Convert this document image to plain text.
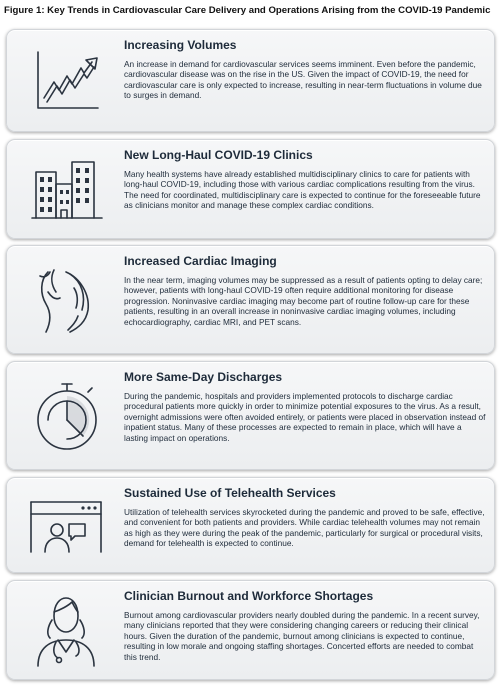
Figure 1: Key Trends in Cardiovascular Care Delivery and Operations Arising from the COVID-19 Pandemic
Increasing Volumes
An increase in demand for cardiovascular services seems imminent. Even before the pandemic, cardiovascular disease was on the rise in the US. Given the impact of COVID-19, the need for cardiovascular care is only expected to increase, resulting in near-term fluctuations in volume due to surges in demand.
New Long-Haul COVID-19 Clinics
Many health systems have already established multidisciplinary clinics to care for patients with long-haul COVID-19, including those with various cardiac complications resulting from the virus. The need for coordinated, multidisciplinary care is expected to continue for the foreseeable future as clinicians monitor and manage these complex cardiac conditions.
Increased Cardiac Imaging
In the near term, imaging volumes may be suppressed as a result of patients opting to delay care; however, patients with long-haul COVID-19 often require additional monitoring for disease progression. Noninvasive cardiac imaging may become part of routine follow-up care for these patients, resulting in an overall increase in noninvasive cardiac imaging volumes, including echocardiography, cardiac MRI, and PET scans.
More Same-Day Discharges
During the pandemic, hospitals and providers implemented protocols to discharge cardiac procedural patients more quickly in order to minimize potential exposures to the virus. As a result, overnight admissions were often avoided entirely, or patients were placed in observation instead of inpatient status. Many of these processes are expected to remain in place, which will have a lasting impact on operations.
Sustained Use of Telehealth Services
Utilization of telehealth services skyrocketed during the pandemic and proved to be safe, effective, and convenient for both patients and providers. While cardiac telehealth volumes may not remain as high as they were during the peak of the pandemic, particularly for surgical or procedural visits, demand for telehealth is expected to continue.
Clinician Burnout and Workforce Shortages
Burnout among cardiovascular providers nearly doubled during the pandemic. In a recent survey, many clinicians reported that they were considering changing careers or reducing their clinical hours. Given the duration of the pandemic, burnout among clinicians is expected to continue, resulting in low morale and ongoing staffing shortages. Concerted efforts are needed to combat this trend.
